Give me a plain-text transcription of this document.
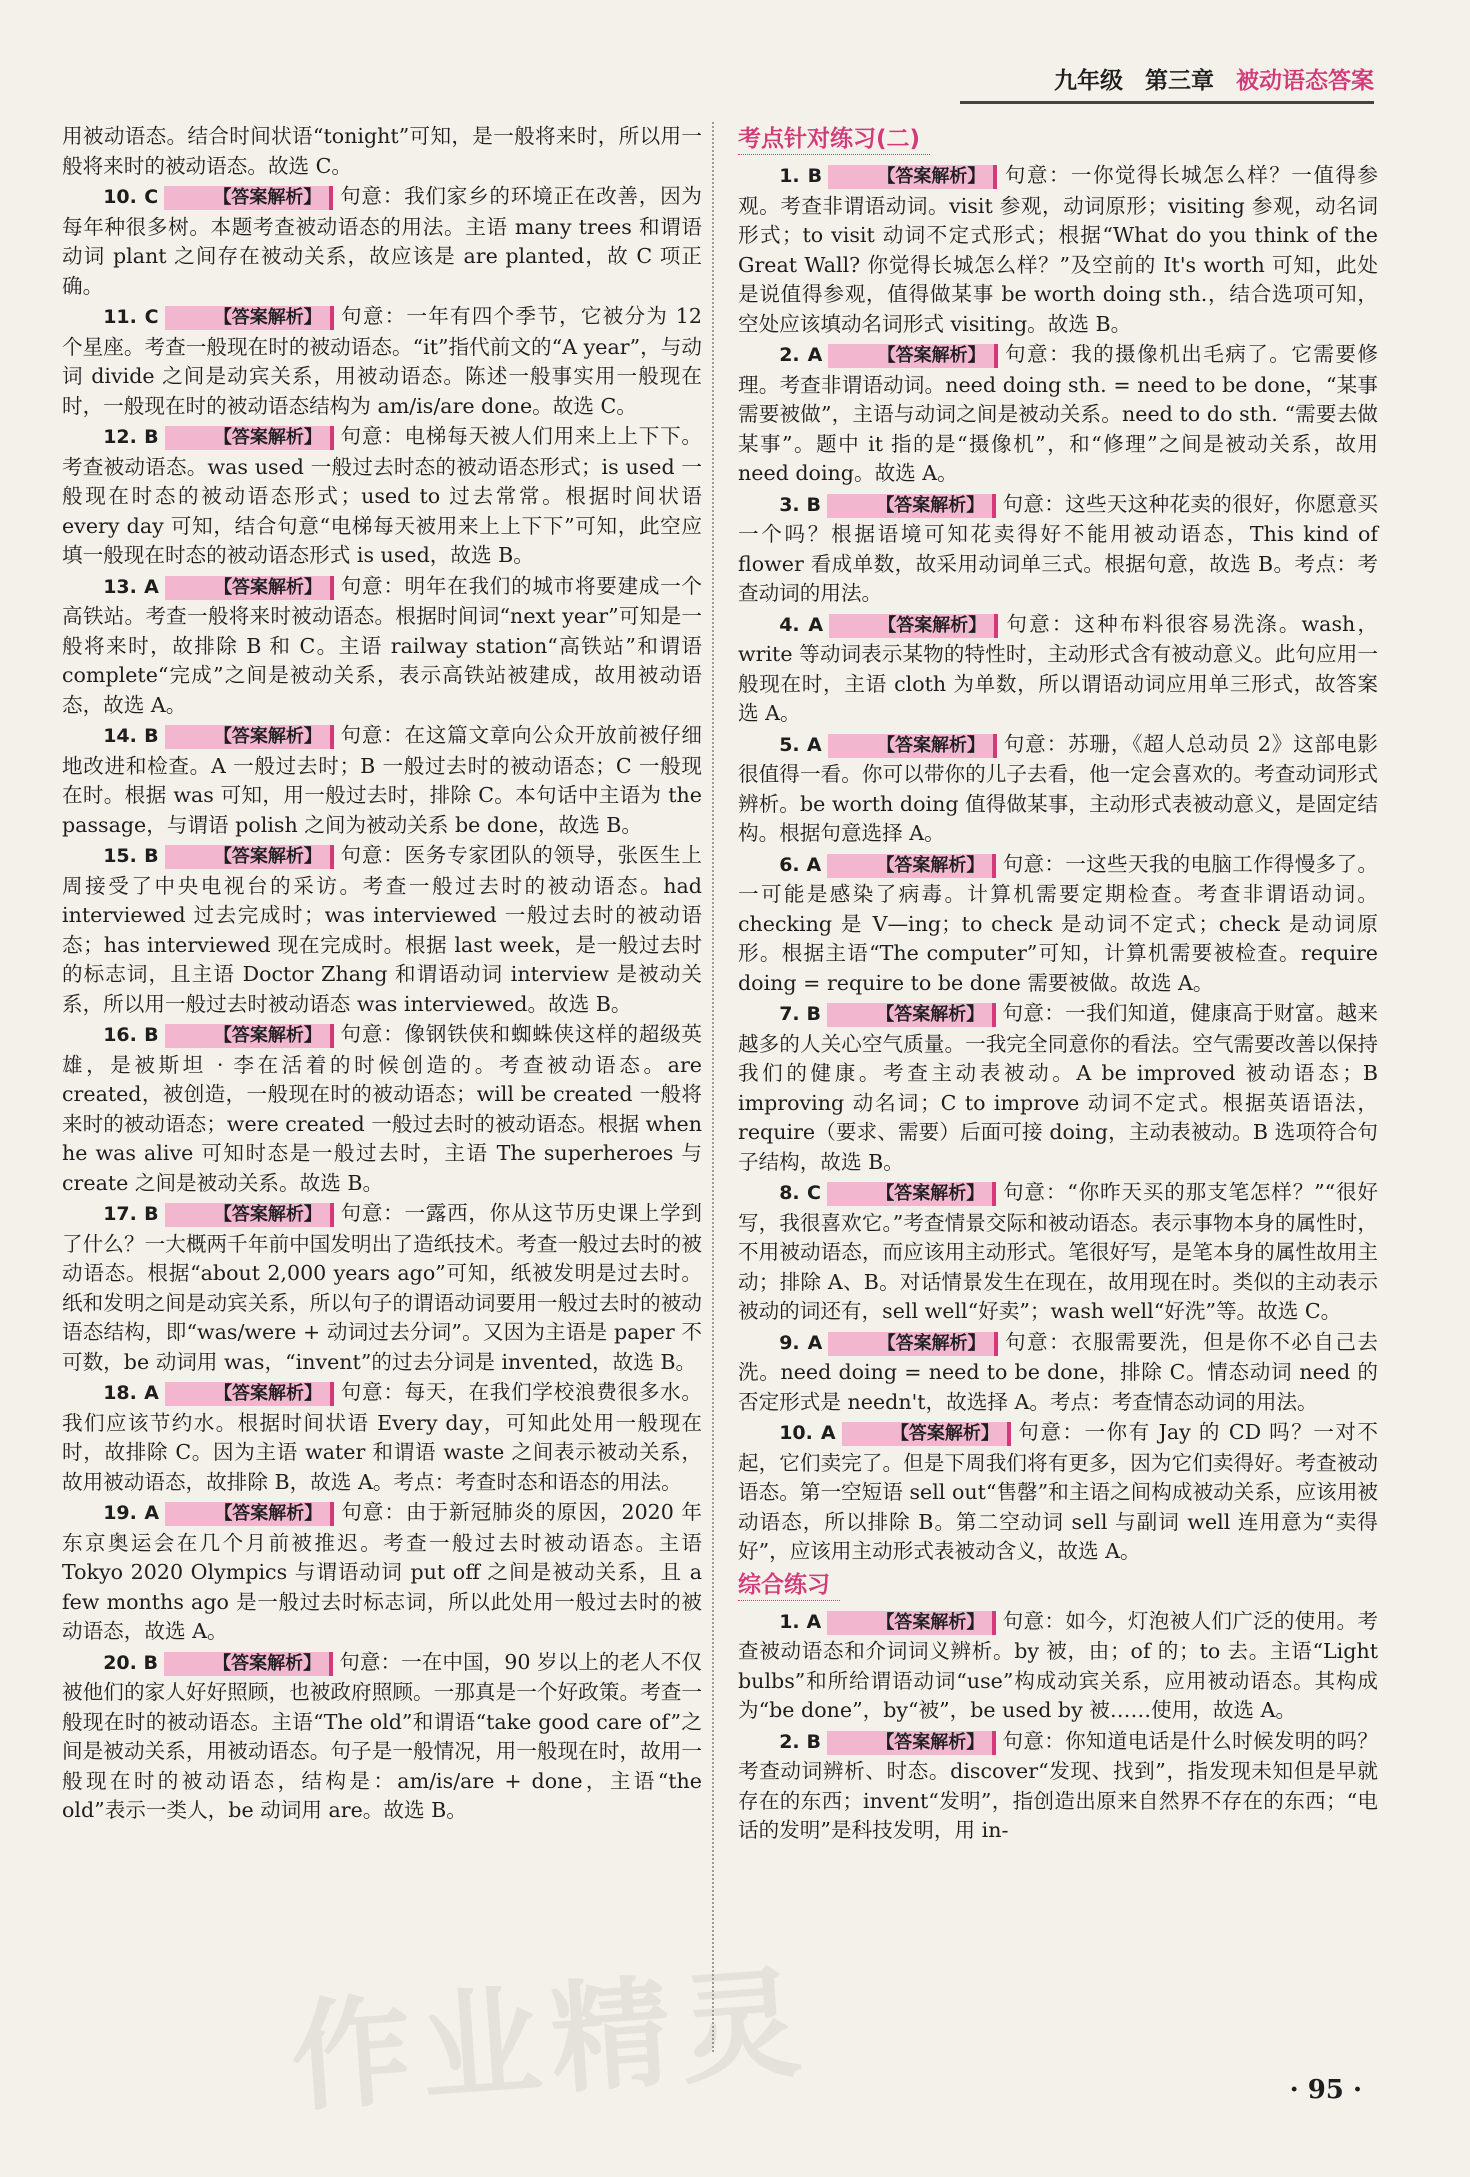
九年级 第三章 被动语态答案

用被动语态。结合时间状语“tonight”可知，是一般将来时，所以用一般将来时的被动语态。故选 C。

10. C	【答案解析】 句意：我们家乡的环境正在改善，因为每年种很多树。本题考查被动语态的用法。主语 many trees 和谓语动词 plant 之间存在被动关系，故应该是 are planted，故 C 项正确。

11. C	【答案解析】 句意：一年有四个季节，它被分为 12 个星座。考查一般现在时的被动语态。“it”指代前文的“A year”，与动词 divide 之间是动宾关系，用被动语态。陈述一般事实用一般现在时，一般现在时的被动语态结构为 am/is/are done。故选 C。

12. B	【答案解析】 句意：电梯每天被人们用来上上下下。考查被动语态。was used 一般过去时态的被动语态形式；is used 一般现在时态的被动语态形式；used to 过去常常。根据时间状语 every day 可知，结合句意“电梯每天被用来上上下下”可知，此空应填一般现在时态的被动语态形式 is used，故选 B。

13. A	【答案解析】 句意：明年在我们的城市将要建成一个高铁站。考查一般将来时被动语态。根据时间词“next year”可知是一般将来时，故排除 B 和 C。主语 railway station“高铁站”和谓语 complete“完成”之间是被动关系，表示高铁站被建成，故用被动语态，故选 A。

14. B	【答案解析】 句意：在这篇文章向公众开放前被仔细地改进和检查。A 一般过去时；B 一般过去时的被动语态；C 一般现在时。根据 was 可知，用一般过去时，排除 C。本句话中主语为 the passage，与谓语 polish 之间为被动关系 be done，故选 B。

15. B	【答案解析】 句意：医务专家团队的领导，张医生上周接受了中央电视台的采访。考查一般过去时的被动语态。had interviewed 过去完成时；was interviewed 一般过去时的被动语态；has interviewed 现在完成时。根据 last week，是一般过去时的标志词，且主语 Doctor Zhang 和谓语动词 interview 是被动关系，所以用一般过去时被动语态 was interviewed。故选 B。

16. B	【答案解析】 句意：像钢铁侠和蜘蛛侠这样的超级英雄，是被斯坦 · 李在活着的时候创造的。考查被动语态。are created，被创造，一般现在时的被动语态；will be created 一般将来时的被动语态；were created 一般过去时的被动语态。根据 when he was alive 可知时态是一般过去时，主语 The superheroes 与 create 之间是被动关系。故选 B。

17. B	【答案解析】 句意：一露西，你从这节历史课上学到了什么？一大概两千年前中国发明出了造纸技术。考查一般过去时的被动语态。根据“about 2,000 years ago”可知，纸被发明是过去时。纸和发明之间是动宾关系，所以句子的谓语动词要用一般过去时的被动语态结构，即“was/were + 动词过去分词”。又因为主语是 paper 不可数，be 动词用 was，“invent”的过去分词是 invented，故选 B。

18. A	【答案解析】 句意：每天，在我们学校浪费很多水。我们应该节约水。根据时间状语 Every day，可知此处用一般现在时，故排除 C。因为主语 water 和谓语 waste 之间表示被动关系，故用被动语态，故排除 B，故选 A。考点：考查时态和语态的用法。

19. A	【答案解析】 句意：由于新冠肺炎的原因，2020 年东京奥运会在几个月前被推迟。考查一般过去时被动语态。主语 Tokyo 2020 Olympics 与谓语动词 put off 之间是被动关系，且 a few months ago 是一般过去时标志词，所以此处用一般过去时的被动语态，故选 A。

20. B	【答案解析】 句意：一在中国，90 岁以上的老人不仅被他们的家人好好照顾，也被政府照顾。一那真是一个好政策。考查一般现在时的被动语态。主语“The old”和谓语“take good care of”之间是被动关系，用被动语态。句子是一般情况，用一般现在时，故用一般现在时的被动语态，结构是：am/is/are + done，主语“the old”表示一类人，be 动词用 are。故选 B。

考点针对练习(二)

1. B	【答案解析】 句意：一你觉得长城怎么样？一值得参观。考查非谓语动词。visit 参观，动词原形；visiting 参观，动名词形式；to visit 动词不定式形式；根据“What do you think of the Great Wall? 你觉得长城怎么样？”及空前的 It's worth 可知，此处是说值得参观，值得做某事 be worth doing sth.，结合选项可知，空处应该填动名词形式 visiting。故选 B。

2. A	【答案解析】 句意：我的摄像机出毛病了。它需要修理。考查非谓语动词。need doing sth. = need to be done，“某事需要被做”，主语与动词之间是被动关系。need to do sth. “需要去做某事”。题中 it 指的是“摄像机”，和“修理”之间是被动关系，故用 need doing。故选 A。

3. B	【答案解析】 句意：这些天这种花卖的很好，你愿意买一个吗？根据语境可知花卖得好不能用被动语态，This kind of flower 看成单数，故采用动词单三式。根据句意，故选 B。考点：考查动词的用法。

4. A	【答案解析】 句意：这种布料很容易洗涤。wash，write 等动词表示某物的特性时，主动形式含有被动意义。此句应用一般现在时，主语 cloth 为单数，所以谓语动词应用单三形式，故答案选 A。

5. A	【答案解析】 句意：苏珊，《超人总动员 2》这部电影很值得一看。你可以带你的儿子去看，他一定会喜欢的。考查动词形式辨析。be worth doing 值得做某事，主动形式表被动意义，是固定结构。根据句意选择 A。

6. A	【答案解析】 句意：一这些天我的电脑工作得慢多了。一可能是感染了病毒。计算机需要定期检查。考查非谓语动词。checking 是 V—ing；to check 是动词不定式；check 是动词原形。根据主语“The computer”可知，计算机需要被检查。require doing = require to be done 需要被做。故选 A。

7. B	【答案解析】 句意：一我们知道，健康高于财富。越来越多的人关心空气质量。一我完全同意你的看法。空气需要改善以保持我们的健康。考查主动表被动。A be improved 被动语态；B improving 动名词；C to improve 动词不定式。根据英语语法，require（要求、需要）后面可接 doing，主动表被动。B 选项符合句子结构，故选 B。

8. C	【答案解析】 句意：“你昨天买的那支笔怎样？”“很好写，我很喜欢它。”考查情景交际和被动语态。表示事物本身的属性时，不用被动语态，而应该用主动形式。笔很好写，是笔本身的属性故用主动；排除 A、B。对话情景发生在现在，故用现在时。类似的主动表示被动的词还有，sell well“好卖”；wash well“好洗”等。故选 C。

9. A	【答案解析】 句意：衣服需要洗，但是你不必自己去洗。need doing = need to be done，排除 C。情态动词 need 的否定形式是 needn't，故选择 A。考点：考查情态动词的用法。

10. A	【答案解析】 句意：一你有 Jay 的 CD 吗？一对不起，它们卖完了。但是下周我们将有更多，因为它们卖得好。考查被动语态。第一空短语 sell out“售罄”和主语之间构成被动关系，应该用被动语态，所以排除 B。第二空动词 sell 与副词 well 连用意为“卖得好”，应该用主动形式表被动含义，故选 A。

综合练习

1. A	【答案解析】 句意：如今，灯泡被人们广泛的使用。考查被动语态和介词词义辨析。by 被，由；of 的；to 去。主语“Light bulbs”和所给谓语动词“use”构成动宾关系，应用被动语态。其构成为“be done”，by“被”，be used by 被……使用，故选 A。

2. B	【答案解析】 句意：你知道电话是什么时候发明的吗？考查动词辨析、时态。discover“发现、找到”，指发现未知但是早就存在的东西；invent“发明”，指创造出原来自然界不存在的东西；“电话的发明”是科技发明，用 in-

· 95 ·
作业精灵
